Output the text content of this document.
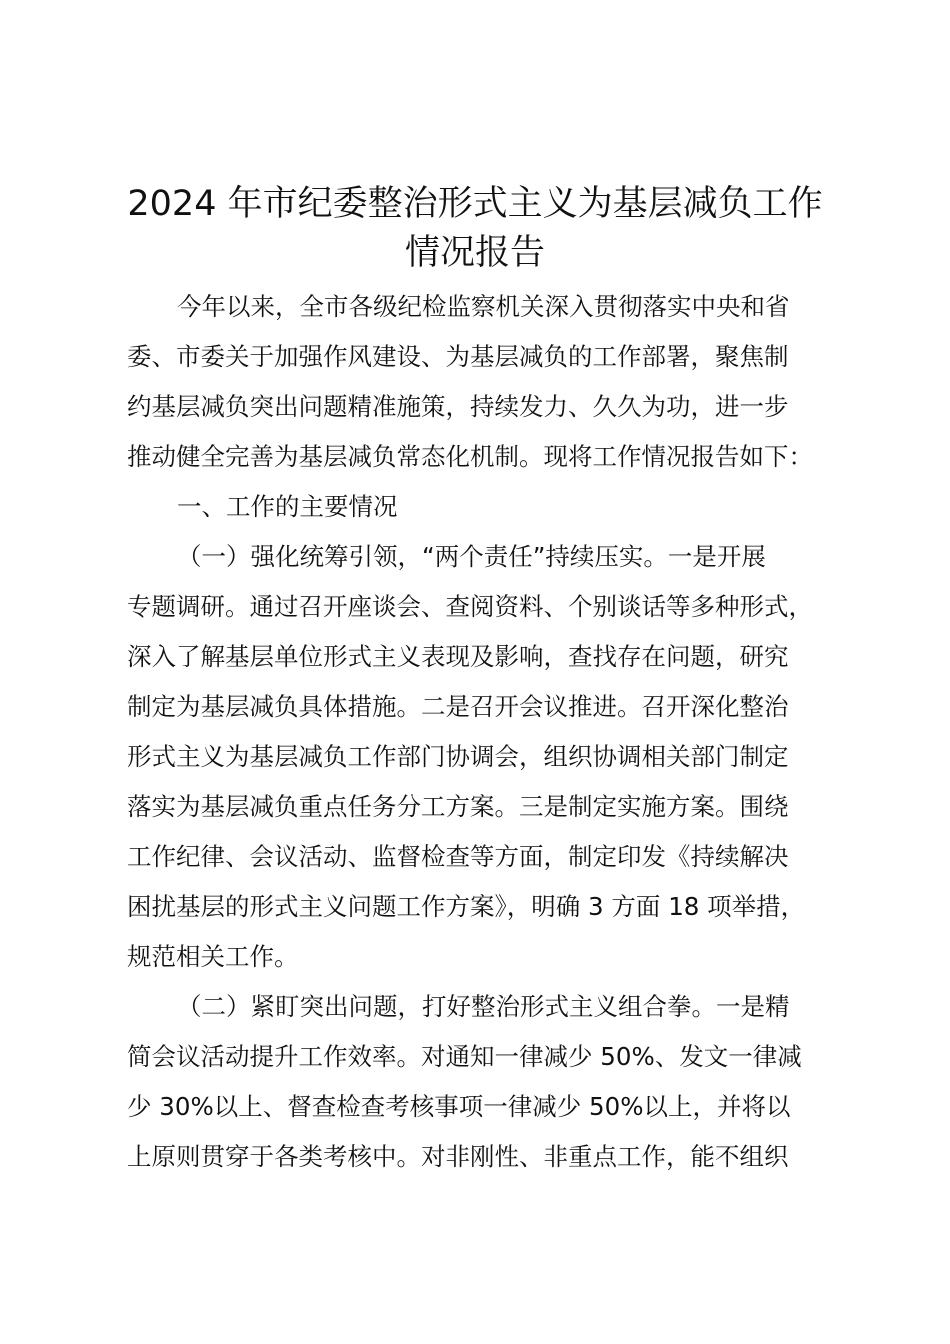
2024 年市纪委整治形式主义为基层减负工作
情况报告
今年以来，全市各级纪检监察机关深入贯彻落实中央和省
委、市委关于加强作风建设、为基层减负的工作部署，聚焦制
约基层减负突出问题精准施策，持续发力、久久为功，进一步
推动健全完善为基层减负常态化机制。现将工作情况报告如下：
一、工作的主要情况
（一）强化统筹引领，“两个责任”持续压实。一是开展
专题调研。通过召开座谈会、查阅资料、个别谈话等多种形式，
深入了解基层单位形式主义表现及影响，查找存在问题，研究
制定为基层减负具体措施。二是召开会议推进。召开深化整治
形式主义为基层减负工作部门协调会，组织协调相关部门制定
落实为基层减负重点任务分工方案。三是制定实施方案。围绕
工作纪律、会议活动、监督检查等方面，制定印发《持续解决
困扰基层的形式主义问题工作方案》，明确 3 方面 18 项举措，
规范相关工作。
（二）紧盯突出问题，打好整治形式主义组合拳。一是精
简会议活动提升工作效率。对通知一律减少 50%、发文一律减
少 30%以上、督查检查考核事项一律减少 50%以上，并将以
上原则贯穿于各类考核中。对非刚性、非重点工作，能不组织
